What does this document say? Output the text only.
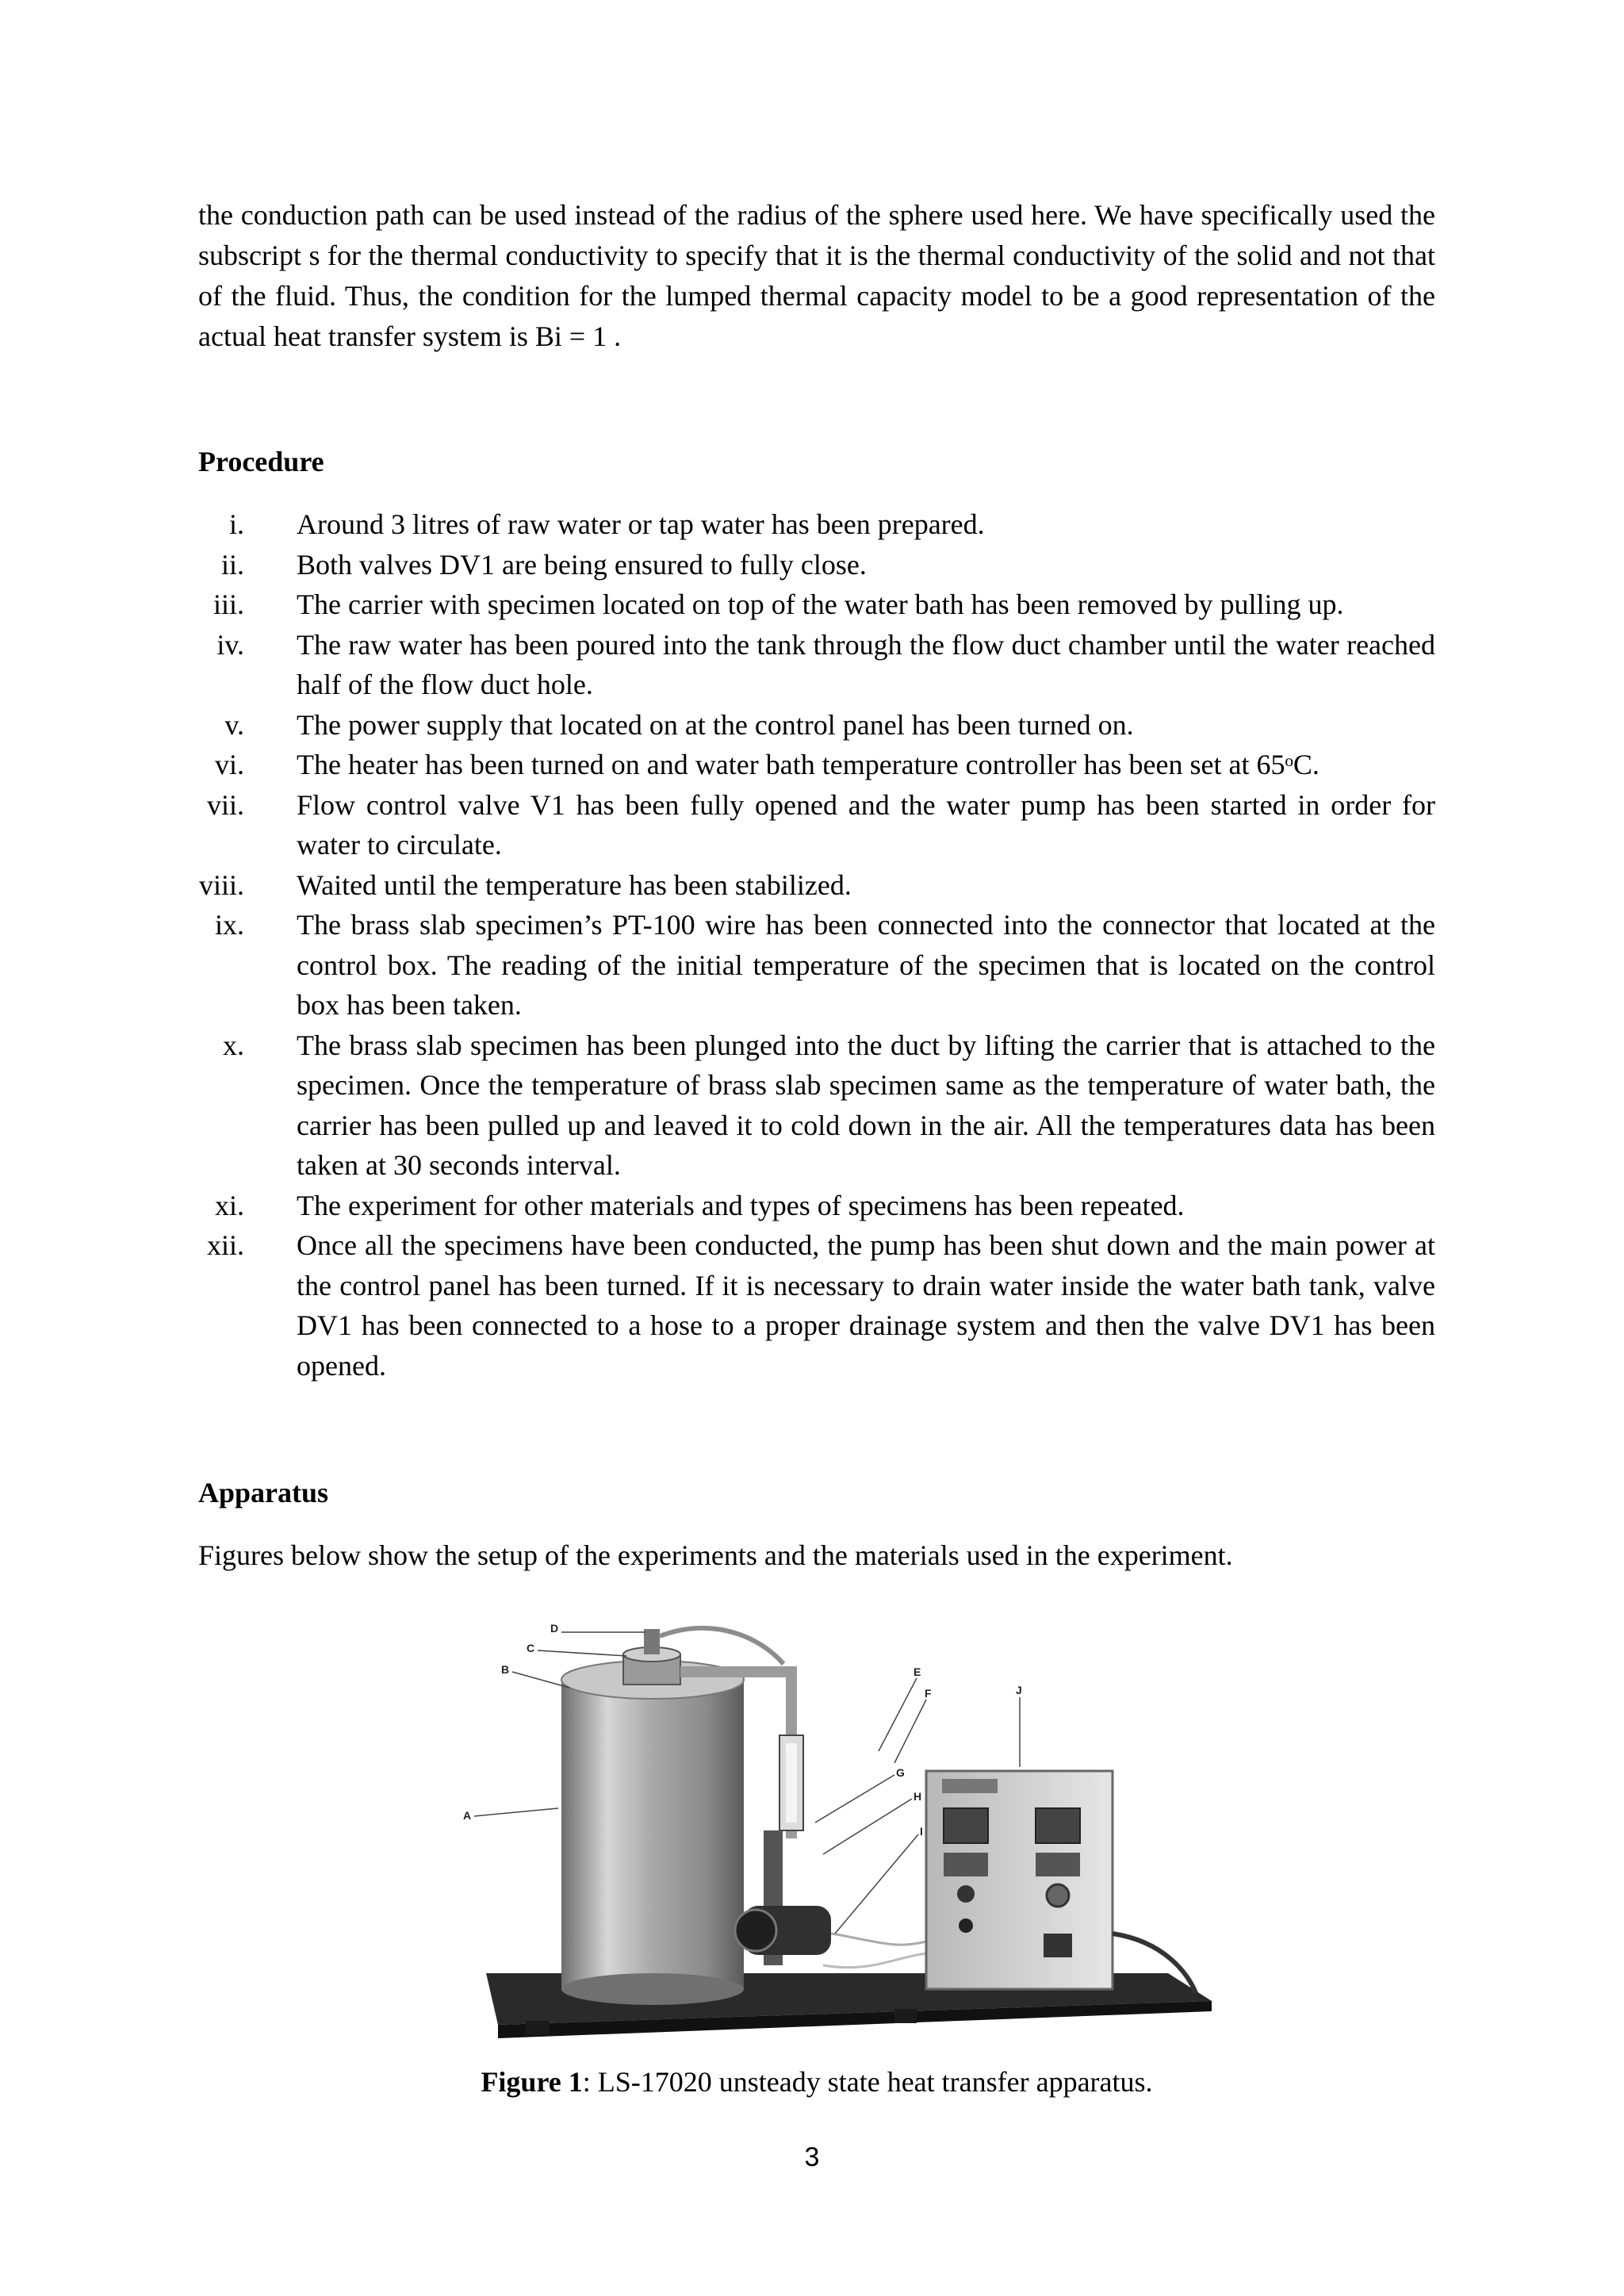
the conduction path can be used instead of the radius of the sphere used here. We have specifically used the subscript s for the thermal conductivity to specify that it is the thermal conductivity of the solid and not that of the fluid. Thus, the condition for the lumped thermal capacity model to be a good representation of the actual heat transfer system is Bi = 1 .

Procedure
i. Around 3 litres of raw water or tap water has been prepared.
ii. Both valves DV1 are being ensured to fully close.
iii. The carrier with specimen located on top of the water bath has been removed by pulling up.
iv. The raw water has been poured into the tank through the flow duct chamber until the water reached half of the flow duct hole.
v. The power supply that located on at the control panel has been turned on.
vi. The heater has been turned on and water bath temperature controller has been set at 65ᵒC.
vii. Flow control valve V1 has been fully opened and the water pump has been started in order for water to circulate.
viii. Waited until the temperature has been stabilized.
ix. The brass slab specimen’s PT-100 wire has been connected into the connector that located at the control box. The reading of the initial temperature of the specimen that is located on the control box has been taken.
x. The brass slab specimen has been plunged into the duct by lifting the carrier that is attached to the specimen. Once the temperature of brass slab specimen same as the temperature of water bath, the carrier has been pulled up and leaved it to cold down in the air. All the temperatures data has been taken at 30 seconds interval.
xi. The experiment for other materials and types of specimens has been repeated.
xii. Once all the specimens have been conducted, the pump has been shut down and the main power at the control panel has been turned. If it is necessary to drain water inside the water bath tank, valve DV1 has been connected to a hose to a proper drainage system and then the valve DV1 has been opened.
Apparatus

Figures below show the setup of the experiments and the materials used in the experiment.

A
B
C
D
E
F
G
H
I
J

Figure 1: LS-17020 unsteady state heat transfer apparatus.

3
